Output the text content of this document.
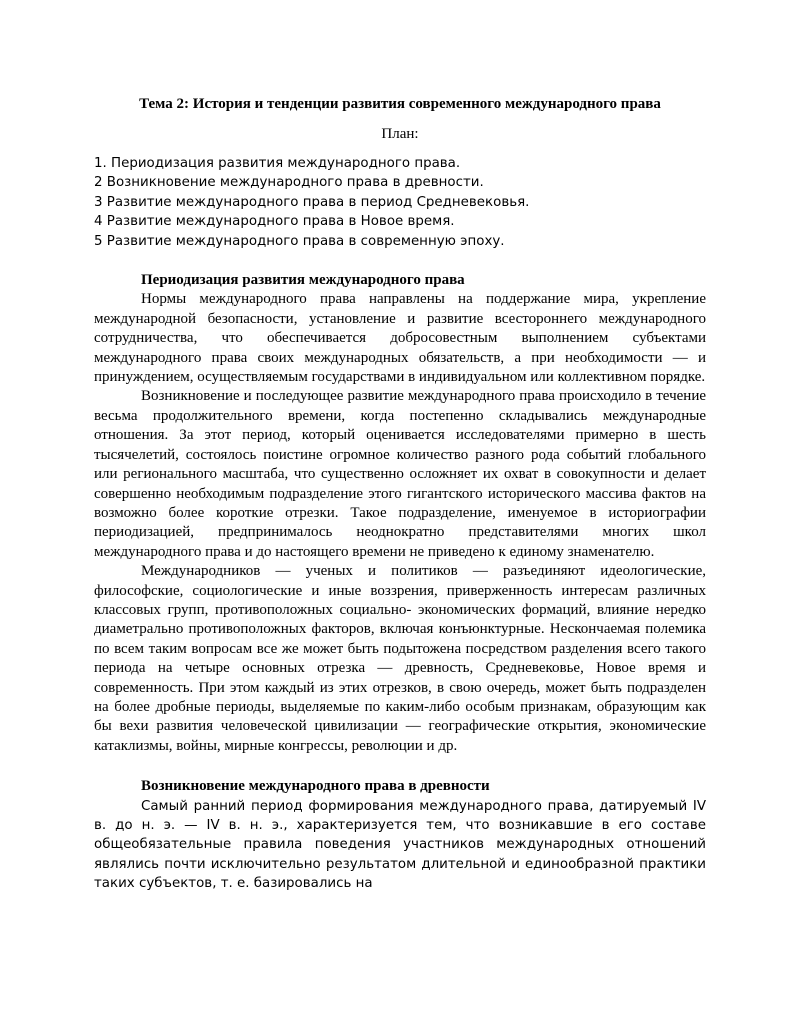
Тема 2: История и тенденции развития современного международного права

План:

1. Периодизация развития международного права.
2 Возникновение международного права в древности.
3 Развитие международного права в период Средневековья.
4 Развитие международного права в Новое время.
5 Развитие международного права в современную эпоху.

Периодизация развития международного права

Нормы международного права направлены на поддержание мира, укрепление международной безопасности, установление и развитие всестороннего международного сотрудничества, что обеспечивается добросовестным выполнением субъектами международного права своих международных обязательств, а при необходимости — и принуждением, осуществляемым государствами в индивидуальном или коллективном порядке.

Возникновение и последующее развитие международного права происходило в течение весьма продолжительного времени, когда постепенно складывались международные отношения. За этот период, который оценивается исследователями примерно в шесть тысячелетий, состоялось поистине огромное количество разного рода событий глобального или регионального масштаба, что существенно осложняет их охват в совокупности и делает совершенно необходимым подразделение этого гигантского исторического массива фактов на возможно более короткие отрезки. Такое подразделение, именуемое в историографии периодизацией, предпринималось неоднократно представителями многих школ международного права и до настоящего времени не приведено к единому знаменателю.

Международников — ученых и политиков — разъединяют идеологические, философские, социологические и иные воззрения, приверженность интересам различных классовых групп, противоположных социально- экономических формаций, влияние нередко диаметрально противоположных факторов, включая конъюнктурные. Нескончаемая полемика по всем таким вопросам все же может быть подытожена посредством разделения всего такого периода на четыре основных отрезка — древность, Средневековье, Новое время и современность. При этом каждый из этих отрезков, в свою очередь, может быть подразделен на более дробные периоды, выделяемые по каким-либо особым признакам, образующим как бы вехи развития человеческой цивилизации — географические открытия, экономические катаклизмы, войны, мирные конгрессы, революции и др.

Возникновение международного права в древности

Самый ранний период формирования международного права, датируемый IV в. до н. э. — IV в. н. э., характеризуется тем, что возникавшие в его составе общеобязательные правила поведения участников международных отношений являлись почти исключительно результатом длительной и единообразной практики таких субъектов, т. е. базировались на
